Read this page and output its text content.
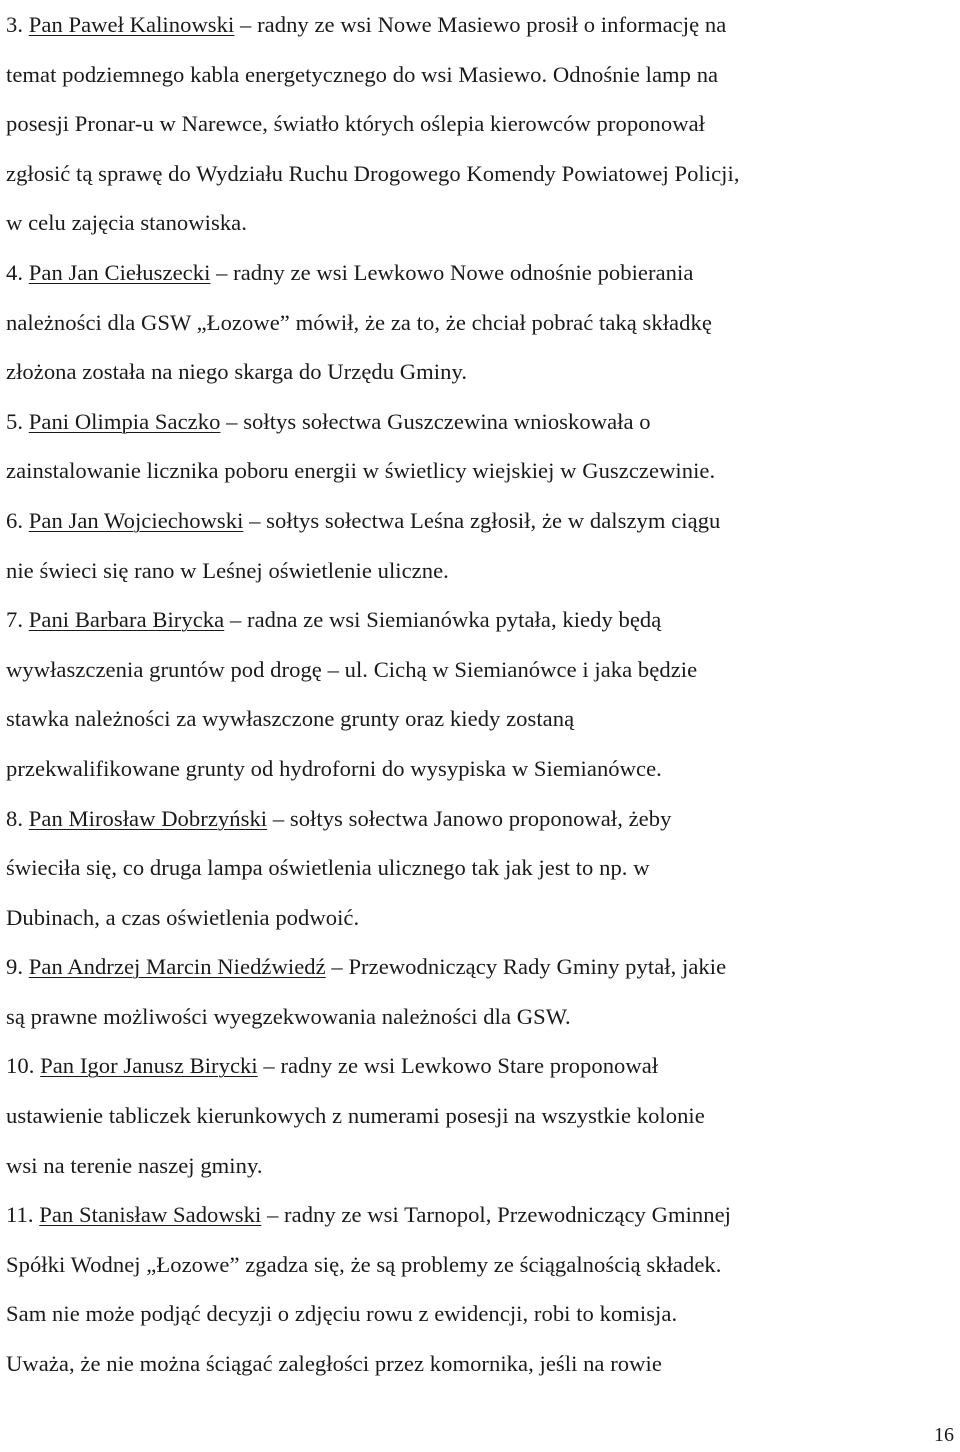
3. Pan Paweł Kalinowski – radny ze wsi Nowe Masiewo prosił o informację na
temat podziemnego kabla energetycznego do wsi Masiewo. Odnośnie lamp na
posesji Pronar-u w Narewce, światło których oślepia kierowców proponował
zgłosić tą sprawę do Wydziału Ruchu Drogowego Komendy Powiatowej Policji,
w celu zajęcia stanowiska.
4. Pan Jan Ciełuszecki – radny ze wsi Lewkowo Nowe odnośnie pobierania
należności dla GSW „Łozowe” mówił, że za to, że chciał pobrać taką składkę
złożona została na niego skarga do Urzędu Gminy.
5. Pani Olimpia Saczko – sołtys sołectwa Guszczewina wnioskowała o
zainstalowanie licznika poboru energii w świetlicy wiejskiej w Guszczewinie.
6. Pan Jan Wojciechowski – sołtys sołectwa Leśna zgłosił, że w dalszym ciągu
nie świeci się rano w Leśnej oświetlenie uliczne.
7. Pani Barbara Birycka – radna ze wsi Siemianówka pytała, kiedy będą
wywłaszczenia gruntów pod drogę – ul. Cichą w Siemianówce i jaka będzie
stawka należności za wywłaszczone grunty oraz kiedy zostaną
przekwalifikowane grunty od hydroforni do wysypiska w Siemianówce.
8. Pan Mirosław Dobrzyński – sołtys sołectwa Janowo proponował, żeby
świeciła się, co druga lampa oświetlenia ulicznego tak jak jest to np. w
Dubinach, a czas oświetlenia podwoić.
9. Pan Andrzej Marcin Niedźwiedź – Przewodniczący Rady Gminy pytał, jakie
są prawne możliwości wyegzekwowania należności dla GSW.
10. Pan Igor Janusz Birycki – radny ze wsi Lewkowo Stare proponował
ustawienie tabliczek kierunkowych z numerami posesji na wszystkie kolonie
wsi na terenie naszej gminy.
11. Pan Stanisław Sadowski – radny ze wsi Tarnopol, Przewodniczący Gminnej
Spółki Wodnej „Łozowe” zgadza się, że są problemy ze ściągalnością składek.
Sam nie może podjąć decyzji o zdjęciu rowu z ewidencji, robi to komisja.
Uważa, że nie można ściągać zaległości przez komornika, jeśli na rowie
16
